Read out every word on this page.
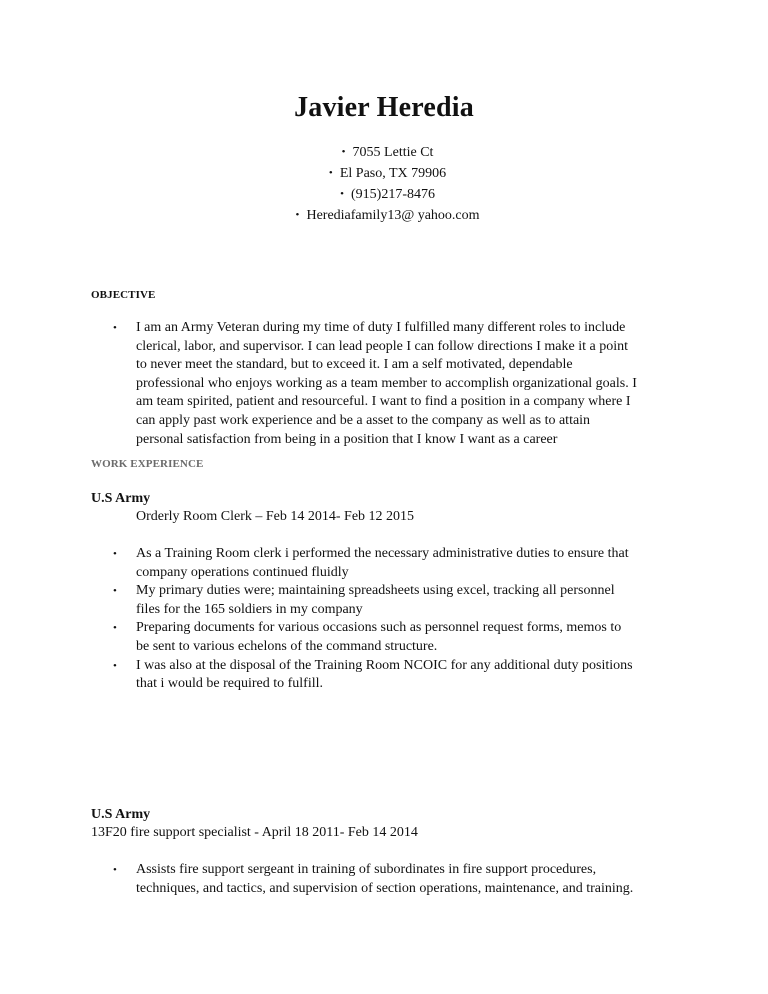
Javier Heredia
• 7055 Lettie Ct
• El Paso, TX 79906
• (915)217-8476
• Herediafamily13@ yahoo.com
OBJECTIVE
• I am an Army Veteran during my time of duty I fulfilled many different roles to include
clerical, labor, and supervisor. I can lead people I can follow directions I make it a point
to never meet the standard, but to exceed it. I am a self motivated, dependable
professional who enjoys working as a team member to accomplish organizational goals. I
am team spirited, patient and resourceful. I want to find a position in a company where I
can apply past work experience and be a asset to the company as well as to attain
personal satisfaction from being in a position that I know I want as a career
WORK EXPERIENCE
U.S Army
Orderly Room Clerk – Feb 14 2014- Feb 12 2015
• As a Training Room clerk i performed the necessary administrative duties to ensure that
company operations continued fluidly
• My primary duties were; maintaining spreadsheets using excel, tracking all personnel
files for the 165 soldiers in my company
• Preparing documents for various occasions such as personnel request forms, memos to
be sent to various echelons of the command structure.
• I was also at the disposal of the Training Room NCOIC for any additional duty positions
that i would be required to fulfill.
U.S Army
13F20 fire support specialist - April 18 2011- Feb 14 2014
• Assists fire support sergeant in training of subordinates in fire support procedures,
techniques, and tactics, and supervision of section operations, maintenance, and training.
